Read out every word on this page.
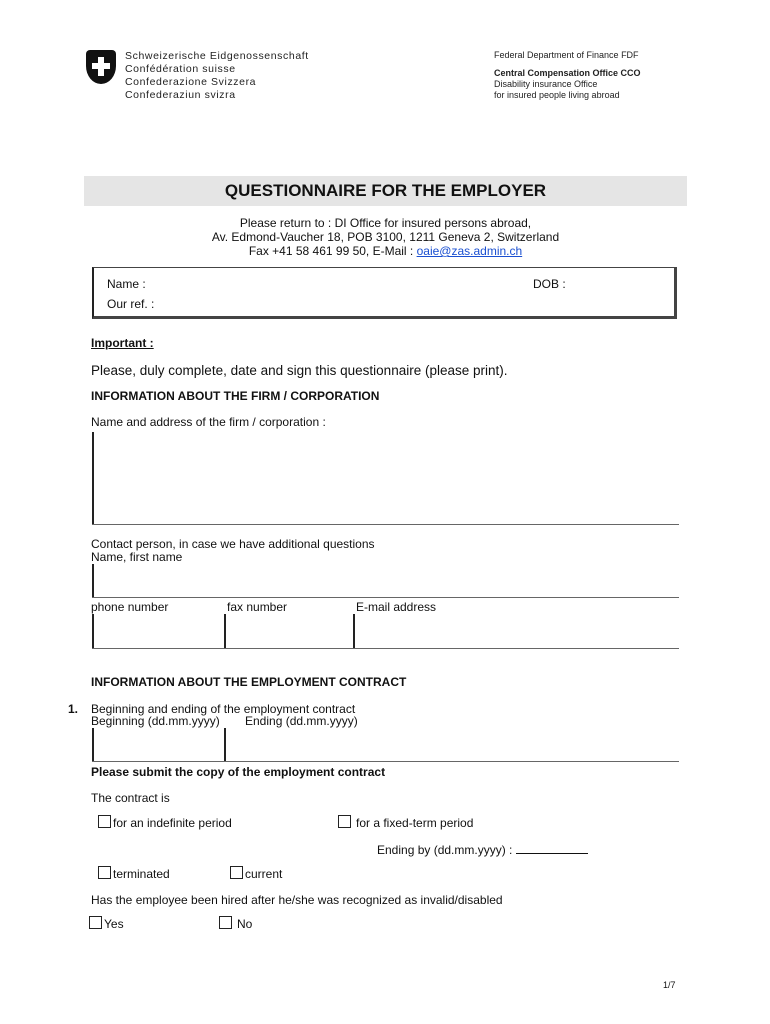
Schweizerische Eidgenossenschaft
Confédération suisse
Confederazione Svizzera
Confederaziun svizra
Federal Department of Finance FDF
Central Compensation Office CCO
Disability insurance Office
for insured people living abroad
QUESTIONNAIRE FOR THE EMPLOYER
Please return to : DI Office for insured persons abroad,
Av. Edmond-Vaucher 18, POB 3100, 1211 Geneva 2, Switzerland
Fax +41 58 461 99 50, E-Mail : oaie@zas.admin.ch
Name :	DOB :
Our ref. :
Important :
Please, duly complete, date and sign this questionnaire (please print).
INFORMATION ABOUT THE FIRM / CORPORATION
Name and address of the firm / corporation :
Contact person, in case we have additional questions
Name, first name
phone number	fax number	E-mail address
INFORMATION ABOUT THE EMPLOYMENT CONTRACT
1. Beginning and ending of the employment contract
Beginning (dd.mm.yyyy) Ending (dd.mm.yyyy)
Please submit the copy of the employment contract
The contract is
for an indefinite period	for a fixed-term period
Ending by (dd.mm.yyyy) :
terminated	current
Has the employee been hired after he/she was recognized as invalid/disabled
Yes	No
1/7
